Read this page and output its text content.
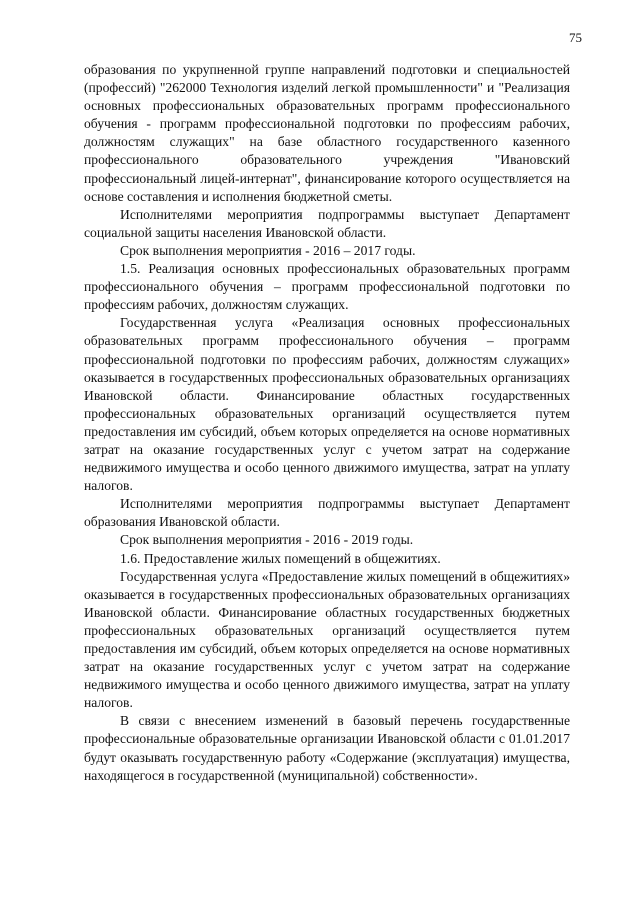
75

образования по укрупненной группе направлений подготовки и специальностей (профессий) "262000 Технология изделий легкой промышленности" и "Реализация основных профессиональных образовательных программ профессионального обучения - программ профессиональной подготовки по профессиям рабочих, должностям служащих" на базе областного государственного казенного профессионального образовательного учреждения "Ивановский профессиональный лицей-интернат", финансирование которого осуществляется на основе составления и исполнения бюджетной сметы.

Исполнителями мероприятия подпрограммы выступает Департамент социальной защиты населения Ивановской области.

Срок выполнения мероприятия - 2016 – 2017 годы.

1.5. Реализация основных профессиональных образовательных программ профессионального обучения – программ профессиональной подготовки по профессиям рабочих, должностям служащих.

Государственная услуга «Реализация основных профессиональных образовательных программ профессионального обучения – программ профессиональной подготовки по профессиям рабочих, должностям служащих» оказывается в государственных профессиональных образовательных организациях Ивановской области. Финансирование областных государственных профессиональных образовательных организаций осуществляется путем предоставления им субсидий, объем которых определяется на основе нормативных затрат на оказание государственных услуг с учетом затрат на содержание недвижимого имущества и особо ценного движимого имущества, затрат на уплату налогов.

Исполнителями мероприятия подпрограммы выступает Департамент образования Ивановской области.

Срок выполнения мероприятия - 2016 - 2019 годы.

1.6. Предоставление жилых помещений в общежитиях.

Государственная услуга «Предоставление жилых помещений в общежитиях» оказывается в государственных профессиональных образовательных организациях Ивановской области. Финансирование областных государственных бюджетных профессиональных образовательных организаций осуществляется путем предоставления им субсидий, объем которых определяется на основе нормативных затрат на оказание государственных услуг с учетом затрат на содержание недвижимого имущества и особо ценного движимого имущества, затрат на уплату налогов.

В связи с внесением изменений в базовый перечень государственные профессиональные образовательные организации Ивановской области с 01.01.2017 будут оказывать государственную работу «Содержание (эксплуатация) имущества, находящегося в государственной (муниципальной) собственности».
